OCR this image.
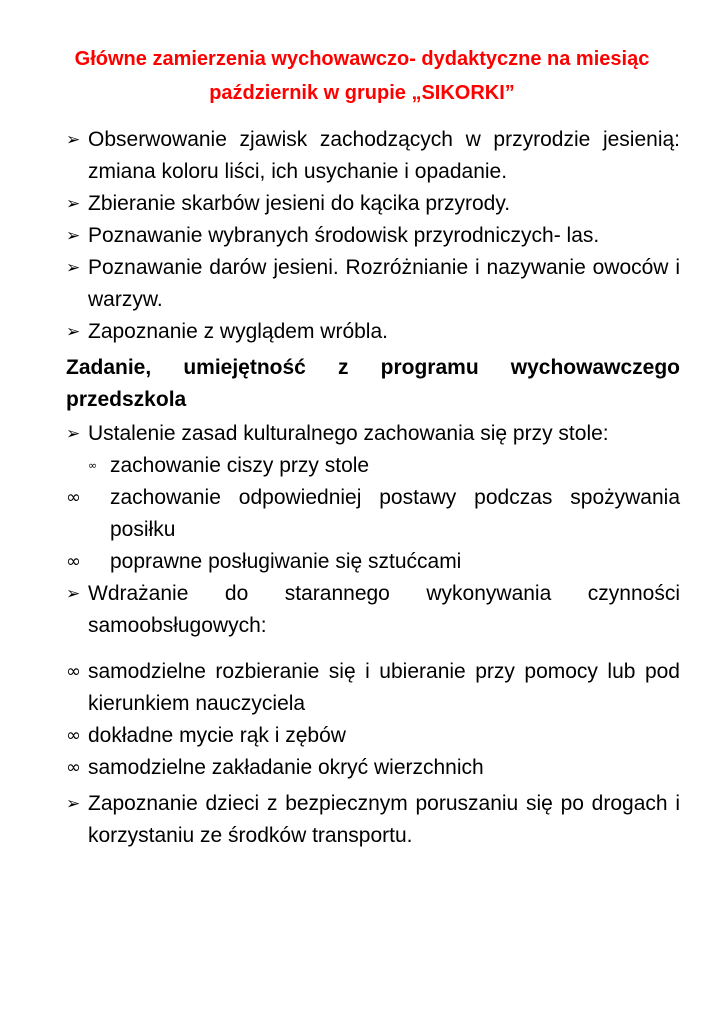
Główne zamierzenia wychowawczo- dydaktyczne na miesiąc
październik w grupie „SIKORKI”
➢ Obserwowanie zjawisk zachodzących w przyrodzie jesienią: zmiana koloru liści, ich usychanie i opadanie.
➢ Zbieranie skarbów jesieni do kącika przyrody.
➢ Poznawanie wybranych środowisk przyrodniczych- las.
➢ Poznawanie darów jesieni. Rozróżnianie i nazywanie owoców i warzyw.
➢ Zapoznanie z wyglądem wróbla.
Zadanie, umiejętność z programu wychowawczego przedszkola
➢ Ustalenie zasad kulturalnego zachowania się przy stole:
∞ zachowanie ciszy przy stole
∞	zachowanie odpowiedniej postawy podczas spożywania posiłku
∞	poprawne posługiwanie się sztućcami
➢ Wdrażanie do starannego wykonywania czynności samoobsługowych:
∞ samodzielne rozbieranie się i ubieranie przy pomocy lub pod kierunkiem nauczyciela
∞ dokładne mycie rąk i zębów
∞ samodzielne zakładanie okryć wierzchnich
➢ Zapoznanie dzieci z bezpiecznym poruszaniu się po drogach i korzystaniu ze środków transportu.
